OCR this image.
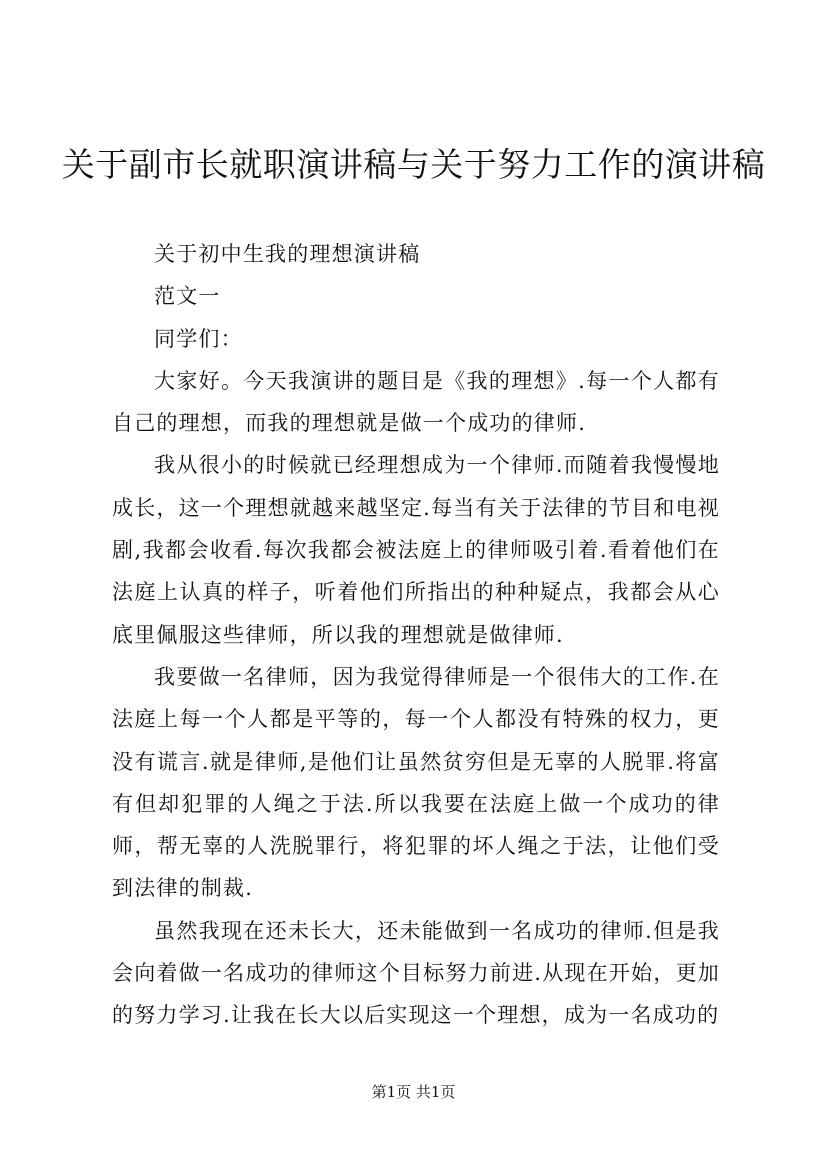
关于副市长就职演讲稿与关于努力工作的演讲稿

关于初中生我的理想演讲稿

范文一

同学们：

大家好。今天我演讲的题目是《我的理想》.每一个人都有自己的理想，而我的理想就是做一个成功的律师.

我从很小的时候就已经理想成为一个律师.而随着我慢慢地成长，这一个理想就越来越坚定.每当有关于法律的节目和电视剧,我都会收看.每次我都会被法庭上的律师吸引着.看着他们在法庭上认真的样子，听着他们所指出的种种疑点，我都会从心底里佩服这些律师，所以我的理想就是做律师.

我要做一名律师，因为我觉得律师是一个很伟大的工作.在法庭上每一个人都是平等的，每一个人都没有特殊的权力，更没有谎言.就是律师,是他们让虽然贫穷但是无辜的人脱罪.将富有但却犯罪的人绳之于法.所以我要在法庭上做一个成功的律师，帮无辜的人洗脱罪行，将犯罪的坏人绳之于法，让他们受到法律的制裁.

虽然我现在还未长大，还未能做到一名成功的律师.但是我会向着做一名成功的律师这个目标努力前进.从现在开始，更加的努力学习.让我在长大以后实现这一个理想，成为一名成功的

第1页 共1页
